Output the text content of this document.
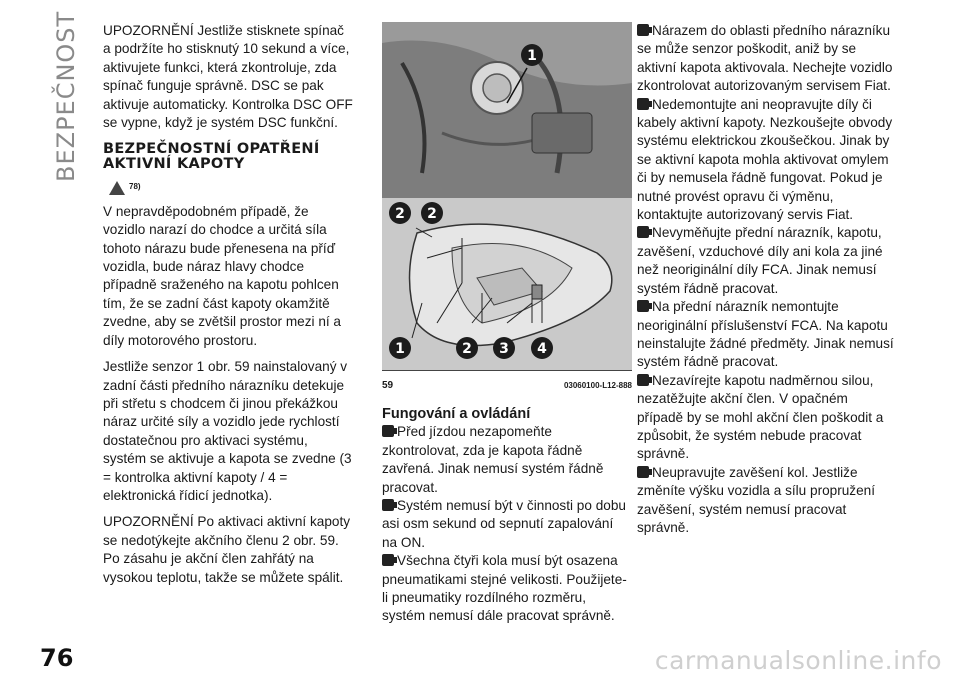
BEZPEČNOST UPOZORNĚNÍ Jestliže stisknete spínač a podržíte ho stisknutý 10 sekund a více, aktivujete funkci, která zkontroluje, zda spínač funguje správně. DSC se pak aktivuje automaticky. Kontrolka DSC OFF se vypne, když je systém DSC funkční.

BEZPEČNOSTNÍ OPATŘENÍ AKTIVNÍ KAPOTY
78)

V nepravděpodobném případě, že vozidlo narazí do chodce a určitá síla tohoto nárazu bude přenesena na příď vozidla, bude náraz hlavy chodce případně sraženého na kapotu pohlcen tím, že se zadní část kapoty okamžitě zvedne, aby se zvětšil prostor mezi ní a díly motorového prostoru.

Jestliže senzor 1 obr. 59 nainstalovaný v zadní části předního nárazníku detekuje při střetu s chodcem či jinou překážkou náraz určité síly a vozidlo jede rychlostí dostatečnou pro aktivaci systému, systém se aktivuje a kapota se zvedne (3 = kontrolka aktivní kapoty / 4 = elektronická řídicí jednotka).

UPOZORNĚNÍ Po aktivaci aktivní kapoty se nedotýkejte akčního členu 2 obr. 59. Po zásahu je akční člen zahřátý na vysokou teplotu, takže se můžete spálit.

1
2 2
1	2 3 4
59	03060100-L12-888
Fungování a ovládání

Před jízdou nezapomeňte zkontrolovat, zda je kapota řádně zavřená. Jinak nemusí systém řádně pracovat.

Systém nemusí být v činnosti po dobu asi osm sekund od sepnutí zapalování na ON.

Všechna čtyři kola musí být osazena pneumatikami stejné velikosti. Použijete-li pneumatiky rozdílného rozměru, systém nemusí dále pracovat správně.

Nárazem do oblasti předního nárazníku se může senzor poškodit, aniž by se aktivní kapota aktivovala. Nechejte vozidlo zkontrolovat autorizovaným servisem Fiat.

Nedemontujte ani neopravujte díly či kabely aktivní kapoty. Nezkoušejte obvody systému elektrickou zkoušečkou. Jinak by se aktivní kapota mohla aktivovat omylem či by nemusela řádně fungovat. Pokud je nutné provést opravu či výměnu, kontaktujte autorizovaný servis Fiat.

Nevyměňujte přední nárazník, kapotu, zavěšení, vzduchové díly ani kola za jiné než neoriginální díly FCA. Jinak nemusí systém řádně pracovat.

Na přední nárazník nemontujte neoriginální příslušenství FCA. Na kapotu neinstalujte žádné předměty. Jinak nemusí systém řádně pracovat.

Nezavírejte kapotu nadměrnou silou, nezatěžujte akční člen. V opačném případě by se mohl akční člen poškodit a způsobit, že systém nebude pracovat správně.

Neupravujte zavěšení kol. Jestliže změníte výšku vozidla a sílu propružení zavěšení, systém nemusí pracovat správně.

76	carmanualsonline.info
